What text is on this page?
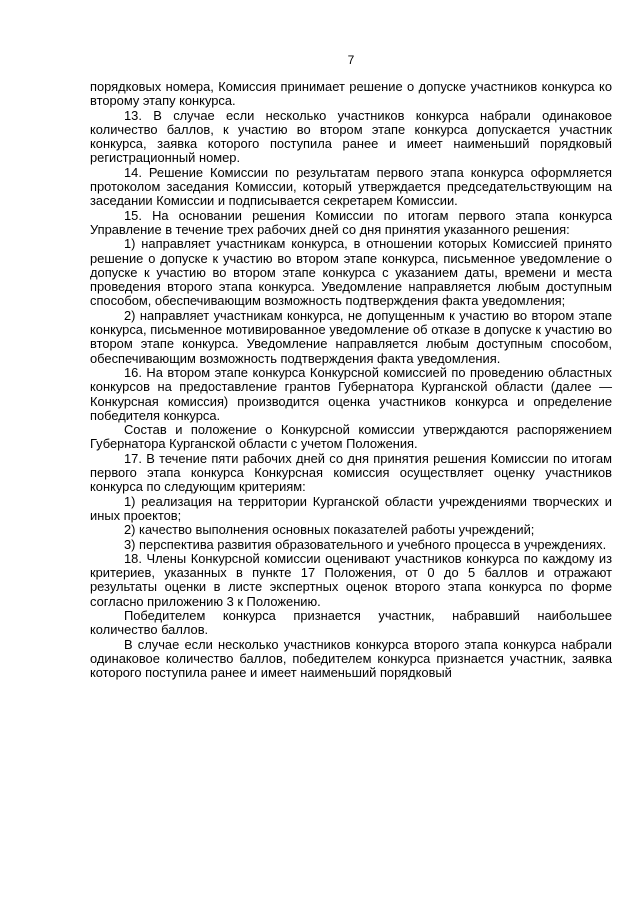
7

порядковых номера, Комиссия принимает решение о допуске участников конкурса ко второму этапу конкурса.

13. В случае если несколько участников конкурса набрали одинаковое количество баллов, к участию во втором этапе конкурса допускается участник конкурса, заявка которого поступила ранее и имеет наименьший порядковый регистрационный номер.

14. Решение Комиссии по результатам первого этапа конкурса оформляется протоколом заседания Комиссии, который утверждается председательствующим на заседании Комиссии и подписывается секретарем Комиссии.

15. На основании решения Комиссии по итогам первого этапа конкурса Управление в течение трех рабочих дней со дня принятия указанного решения:

1) направляет участникам конкурса, в отношении которых Комиссией принято решение о допуске к участию во втором этапе конкурса, письменное уведомление о допуске к участию во втором этапе конкурса с указанием даты, времени и места проведения второго этапа конкурса. Уведомление направляется любым доступным способом, обеспечивающим возможность подтверждения факта уведомления;

2) направляет участникам конкурса, не допущенным к участию во втором этапе конкурса, письменное мотивированное уведомление об отказе в допуске к участию во втором этапе конкурса. Уведомление направляется любым доступным способом, обеспечивающим возможность подтверждения факта уведомления.

16. На втором этапе конкурса Конкурсной комиссией по проведению областных конкурсов на предоставление грантов Губернатора Курганской области (далее — Конкурсная комиссия) производится оценка участников конкурса и определение победителя конкурса.

Состав и положение о Конкурсной комиссии утверждаются распоряжением Губернатора Курганской области с учетом Положения.

17. В течение пяти рабочих дней со дня принятия решения Комиссии по итогам первого этапа конкурса Конкурсная комиссия осуществляет оценку участников конкурса по следующим критериям:

1) реализация на территории Курганской области учреждениями творческих и иных проектов;

2) качество выполнения основных показателей работы учреждений;

3) перспектива развития образовательного и учебного процесса в учреждениях.

18. Члены Конкурсной комиссии оценивают участников конкурса по каждому из критериев, указанных в пункте 17 Положения, от 0 до 5 баллов и отражают результаты оценки в листе экспертных оценок второго этапа конкурса по форме согласно приложению 3 к Положению.

Победителем конкурса признается участник, набравший наибольшее количество баллов.

В случае если несколько участников конкурса второго этапа конкурса набрали одинаковое количество баллов, победителем конкурса признается участник, заявка которого поступила ранее и имеет наименьший порядковый
